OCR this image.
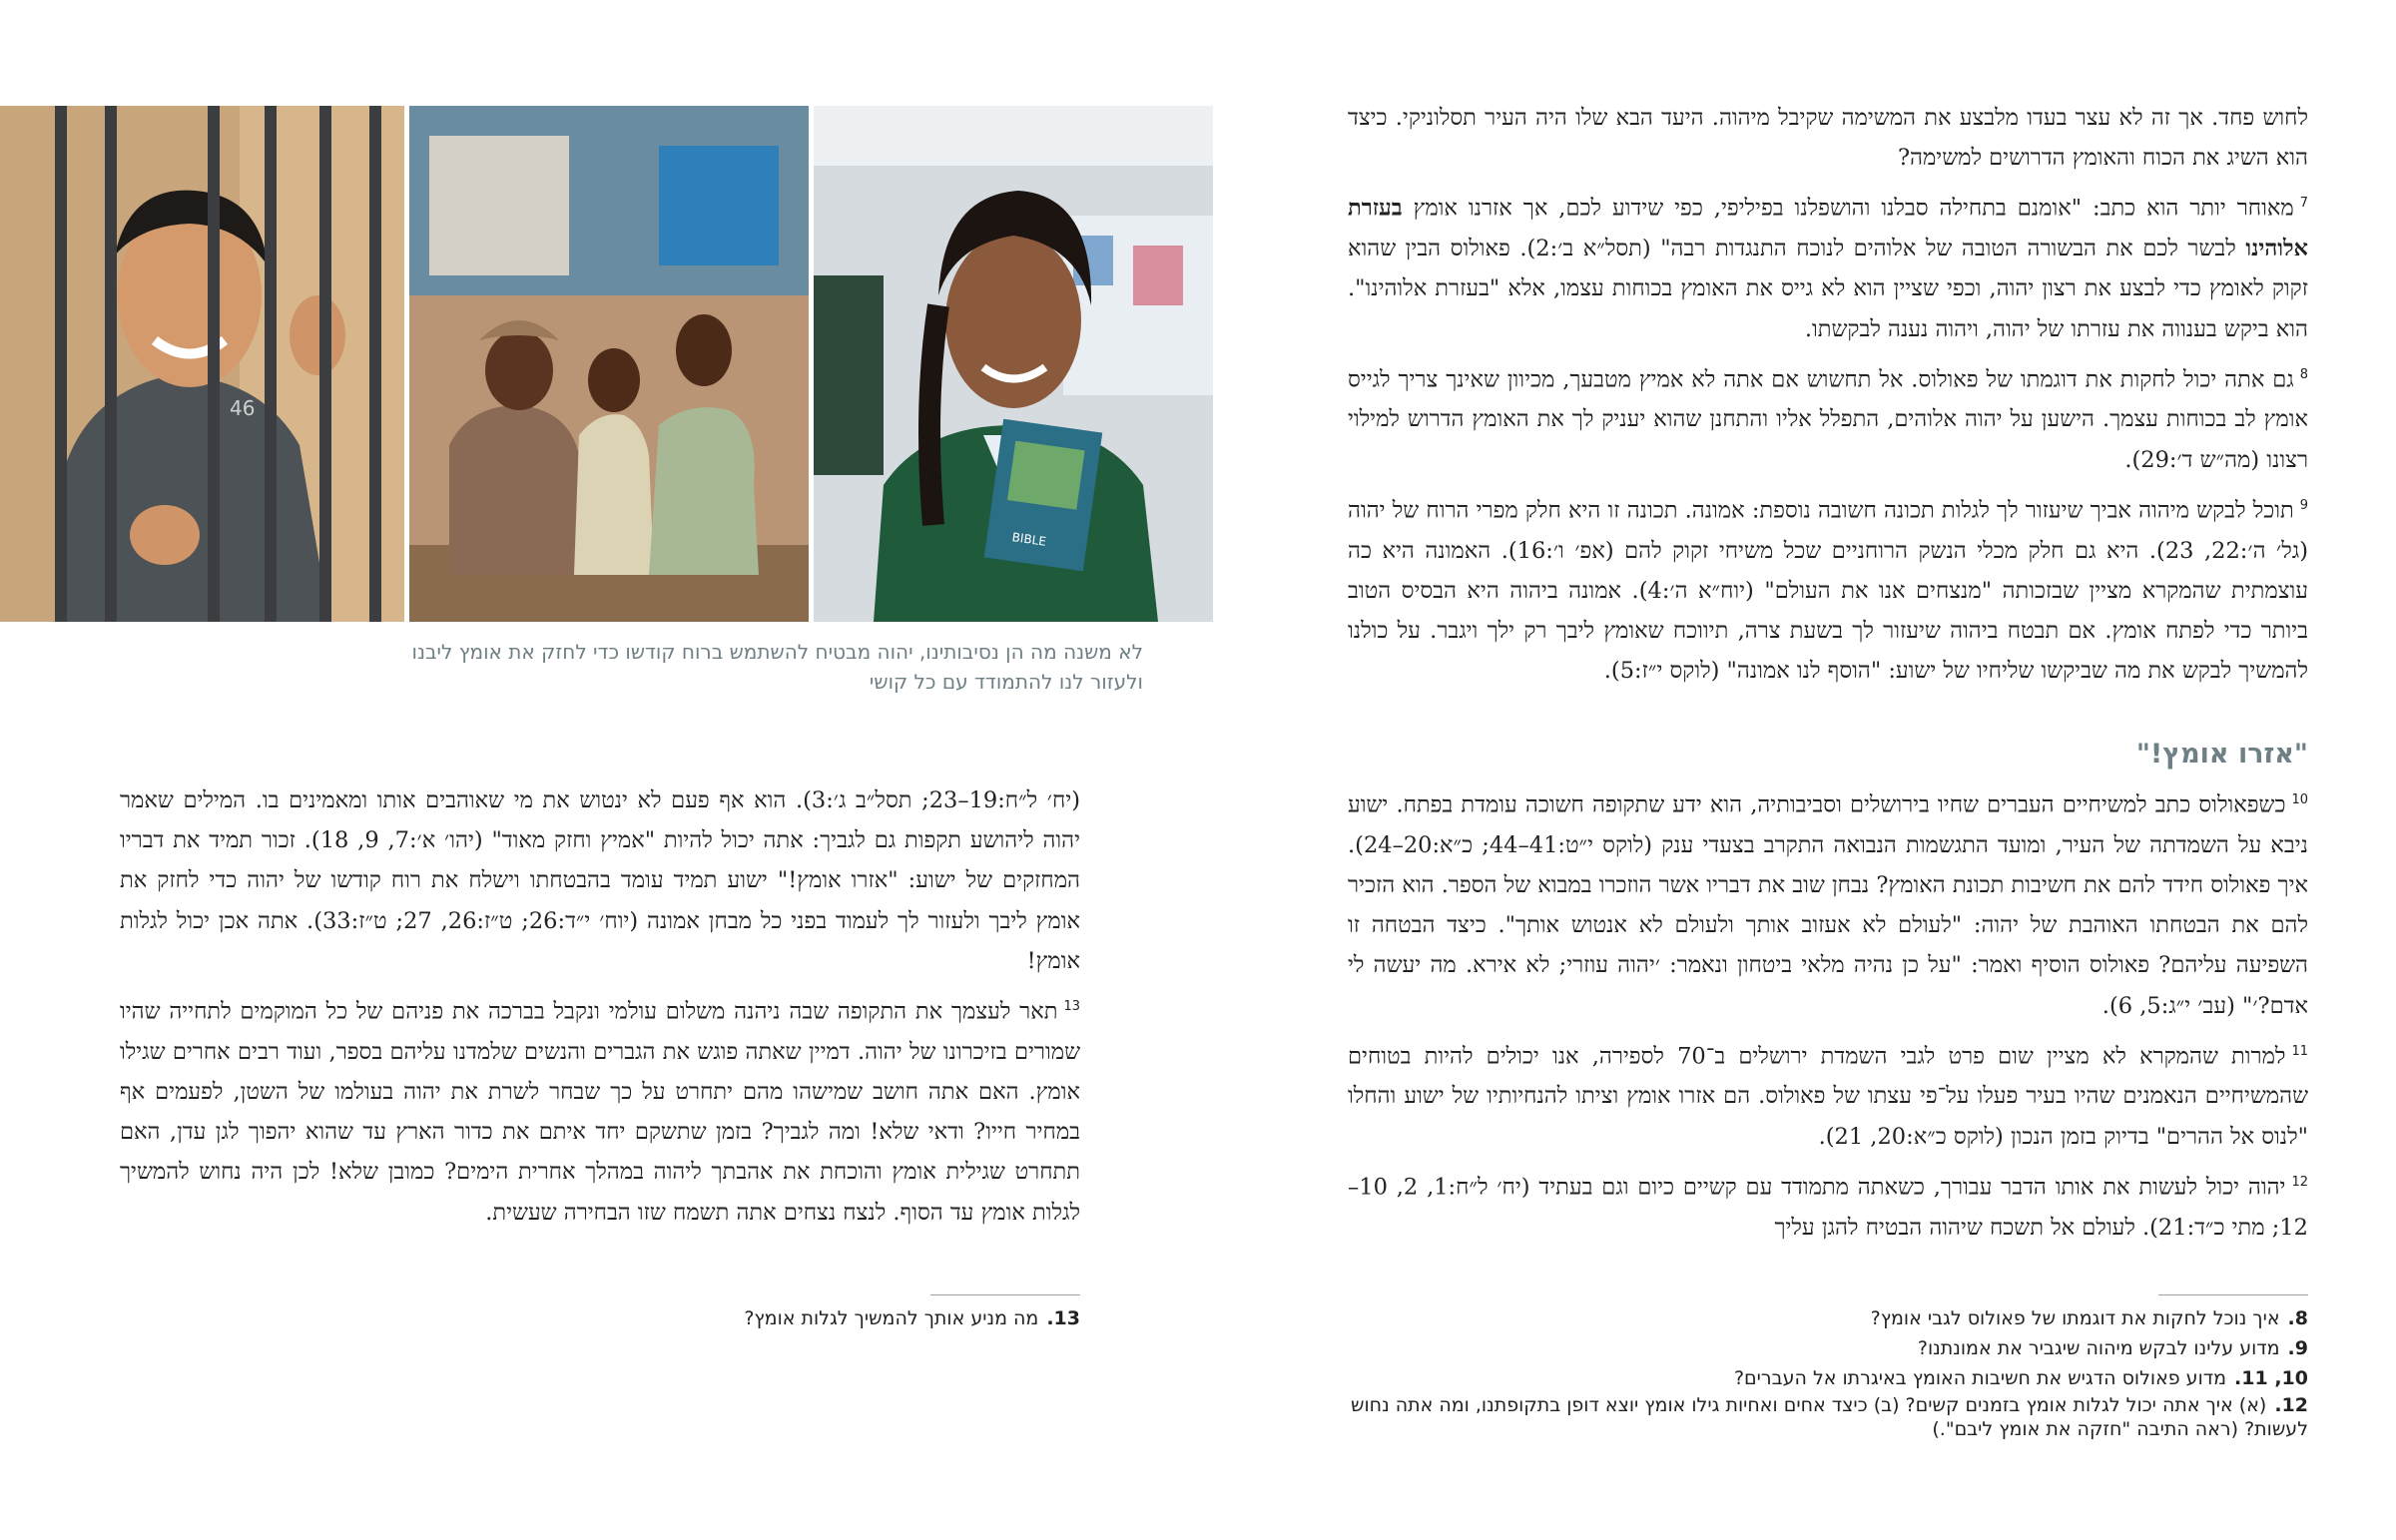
46
BIBLE
לא משנה מה הן נסיבותינו, יהוה מבטיח להשתמש ברוח קודשו כדי לחזק את אומץ ליבנו ולעזור לנו להתמודד עם כל קושי

(יח׳ ל״ח:19–23; תסל״ב ג׳:3). הוא אף פעם לא ינטוש את מי שאוהבים אותו ומאמינים בו. המילים שאמר יהוה ליהושע תקפות גם לגביך: אתה יכול להיות "אמיץ וחזק מאוד" (יהו׳ א׳:7, 9, 18). זכור תמיד את דבריו המחזקים של ישוע: "אזרו אומץ!" ישוע תמיד עומד בהבטחתו וישלח את רוח קודשו של יהוה כדי לחזק את אומץ ליבך ולעזור לך לעמוד בפני כל מבחן אמונה (יוח׳ י״ד:26; ט״ז:26, 27; ט״ז:33). אתה אכן יכול לגלות אומץ!

$^{13}$תאר לעצמך את התקופה שבה ניהנה משלום עולמי ונקבל בברכה את פניהם של כל המוקמים לתחייה שהיו שמורים בזיכרונו של יהוה. דמיין שאתה פוגש את הגברים והנשים שלמדנו עליהם בספר, ועוד רבים אחרים שגילו אומץ. האם אתה חושב שמישהו מהם יתחרט על כך שבחר לשרת את יהוה בעולמו של השטן, לפעמים אף במחיר חייו? ודאי שלא! ומה לגביך? בזמן שתשקם יחד איתם את כדור הארץ עד שהוא יהפוך לגן עדן, האם תתחרט שגילית אומץ והוכחת את אהבתך ליהוה במהלך אחרית הימים? כמובן שלא! לכן היה נחוש להמשיך לגלות אומץ עד הסוף. לנצח נצחים אתה תשמח שזו הבחירה שעשית.

13.מה מניע אותך להמשיך לגלות אומץ?

לחוש פחד. אך זה לא עצר בעדו מלבצע את המשימה שקיבל מיהוה. היעד הבא שלו היה העיר תסלוניקי. כיצד הוא השיג את הכוח והאומץ הדרושים למשימה?

$^7$מאוחר יותר הוא כתב: "אומנם בתחילה סבלנו והושפלנו בפיליפי, כפי שידוע לכם, אך אזרנו אומץ בעזרת אלוהינו לבשר לכם את הבשורה הטובה של אלוהים לנוכח התנגדות רבה" (תסל״א ב׳:2). פאולוס הבין שהוא זקוק לאומץ כדי לבצע את רצון יהוה, וכפי שציין הוא לא גייס את האומץ בכוחות עצמו, אלא "בעזרת אלוהינו". הוא ביקש בענווה את עזרתו של יהוה, ויהוה נענה לבקשתו.

$^8$גם אתה יכול לחקות את דוגמתו של פאולוס. אל תחשוש אם אתה לא אמיץ מטבעך, מכיוון שאינך צריך לגייס אומץ לב בכוחות עצמך. הישען על יהוה אלוהים, התפלל אליו והתחנן שהוא יעניק לך את האומץ הדרוש למילוי רצונו (מה״ש ד׳:29).

$^9$תוכל לבקש מיהוה אביך שיעזור לך לגלות תכונה חשובה נוספת: אמונה. תכונה זו היא חלק מפרי הרוח של יהוה (גל׳ ה׳:22, 23). היא גם חלק מכלי הנשק הרוחניים שכל משיחי זקוק להם (אפ׳ ו׳:16). האמונה היא כה עוצמתית שהמקרא מציין שבזכותה "מנצחים אנו את העולם" (יוח״א ה׳:4). אמונה ביהוה היא הבסיס הטוב ביותר כדי לפתח אומץ. אם תבטח ביהוה שיעזור לך בשעת צרה, תיווכח שאומץ ליבך רק ילך ויגבר. על כולנו להמשיך לבקש את מה שביקשו שליחיו של ישוע: "הוסף לנו אמונה" (לוקס י״ז:5).

"אזרו אומץ!"

$^{10}$כשפאולוס כתב למשיחיים העברים שחיו בירושלים וסביבותיה, הוא ידע שתקופה חשוכה עומדת בפתח. ישוע ניבא על השמדתה של העיר, ומועד התגשמות הנבואה התקרב בצעדי ענק (לוקס י״ט:41–44; כ״א:20–24). איך פאולוס חידד להם את חשיבות תכונת האומץ? נבחן שוב את דבריו אשר הוזכרו במבוא של הספר. הוא הזכיר להם את הבטחתו האוהבת של יהוה: "לעולם לא אעזוב אותך ולעולם לא אנטוש אותך". כיצד הבטחה זו השפיעה עליהם? פאולוס הוסיף ואמר: "על כן נהיה מלאי ביטחון ונאמר: ׳יהוה עוזרי; לא אירא. מה יעשה לי אדם?׳" (עב׳ י״ג:5, 6).

$^{11}$למרות שהמקרא לא מציין שום פרט לגבי השמדת ירושלים ב־70 לספירה, אנו יכולים להיות בטוחים שהמשיחיים הנאמנים שהיו בעיר פעלו על־פי עצתו של פאולוס. הם אזרו אומץ וציתו להנחיותיו של ישוע והחלו "לנוס אל ההרים" בדיוק בזמן הנכון (לוקס כ״א:20, 21).

$^{12}$יהוה יכול לעשות את אותו הדבר עבורך, כשאתה מתמודד עם קשיים כיום וגם בעתיד (יח׳ ל״ח:1, 2, 10–12; מתי כ״ד:21). לעולם אל תשכח שיהוה הבטיח להגן עליך

8.איך נוכל לחקות את דוגמתו של פאולוס לגבי אומץ?
9.מדוע עלינו לבקש מיהוה שיגביר את אמונתנו?
10, 11.מדוע פאולוס הדגיש את חשיבות האומץ באיגרתו אל העברים?
12.(א) איך אתה יכול לגלות אומץ בזמנים קשים? (ב) כיצד אחים ואחיות גילו אומץ יוצא דופן בתקופתנו, ומה אתה נחוש לעשות? (ראה התיבה "חזקה את אומץ ליבם".)
